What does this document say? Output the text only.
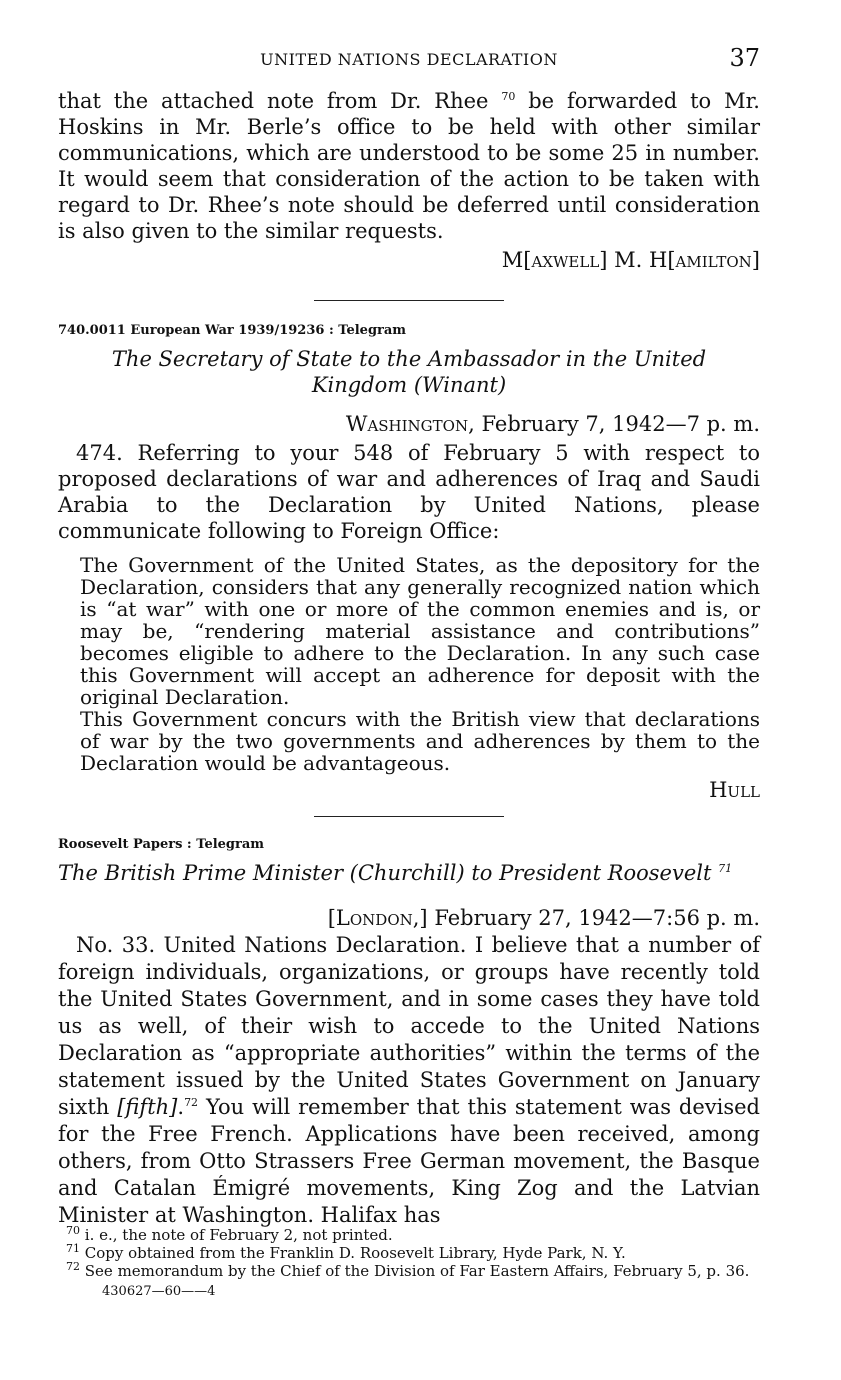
UNITED NATIONS DECLARATION	37

that the attached note from Dr. Rhee $^{70}$ be forwarded to Mr. Hoskins in Mr. Berle’s office to be held with other similar communications, which are understood to be some 25 in number. It would seem that consideration of the action to be taken with regard to Dr. Rhee’s note should be deferred until consideration is also given to the similar requests.

M[axwell] M. H[amilton]

740.0011 European War 1939/19236 : Telegram

The Secretary of State to the Ambassador in the United Kingdom (Winant)

Washington, February 7, 1942—7 p. m.

474. Referring to your 548 of February 5 with respect to proposed declarations of war and adherences of Iraq and Saudi Arabia to the Declaration by United Nations, please communicate following to Foreign Office:

The Government of the United States, as the depository for the Declaration, considers that any generally recognized nation which is “at war” with one or more of the common enemies and is, or may be, “rendering material assistance and contributions” becomes eligible to adhere to the Declaration. In any such case this Government will accept an adherence for deposit with the original Declaration.

This Government concurs with the British view that declarations of war by the two governments and adherences by them to the Declaration would be advantageous.

Hull

Roosevelt Papers : Telegram

The British Prime Minister (Churchill) to President Roosevelt $^{71}$

[London,] February 27, 1942—7:56 p. m.

No. 33. United Nations Declaration. I believe that a number of foreign individuals, organizations, or groups have recently told the United States Government, and in some cases they have told us as well, of their wish to accede to the United Nations Declaration as “appropriate authorities” within the terms of the statement issued by the United States Government on January sixth [fifth].$^{72}$ You will remember that this statement was devised for the Free French. Applications have been received, among others, from Otto Strassers Free German movement, the Basque and Catalan Émigré movements, King Zog and the Latvian Minister at Washington. Halifax has

$^{70}$ i. e., the note of February 2, not printed.

$^{71}$ Copy obtained from the Franklin D. Roosevelt Library, Hyde Park, N. Y.

$^{72}$ See memorandum by the Chief of the Division of Far Eastern Affairs, February 5, p. 36.

430627—60——4
